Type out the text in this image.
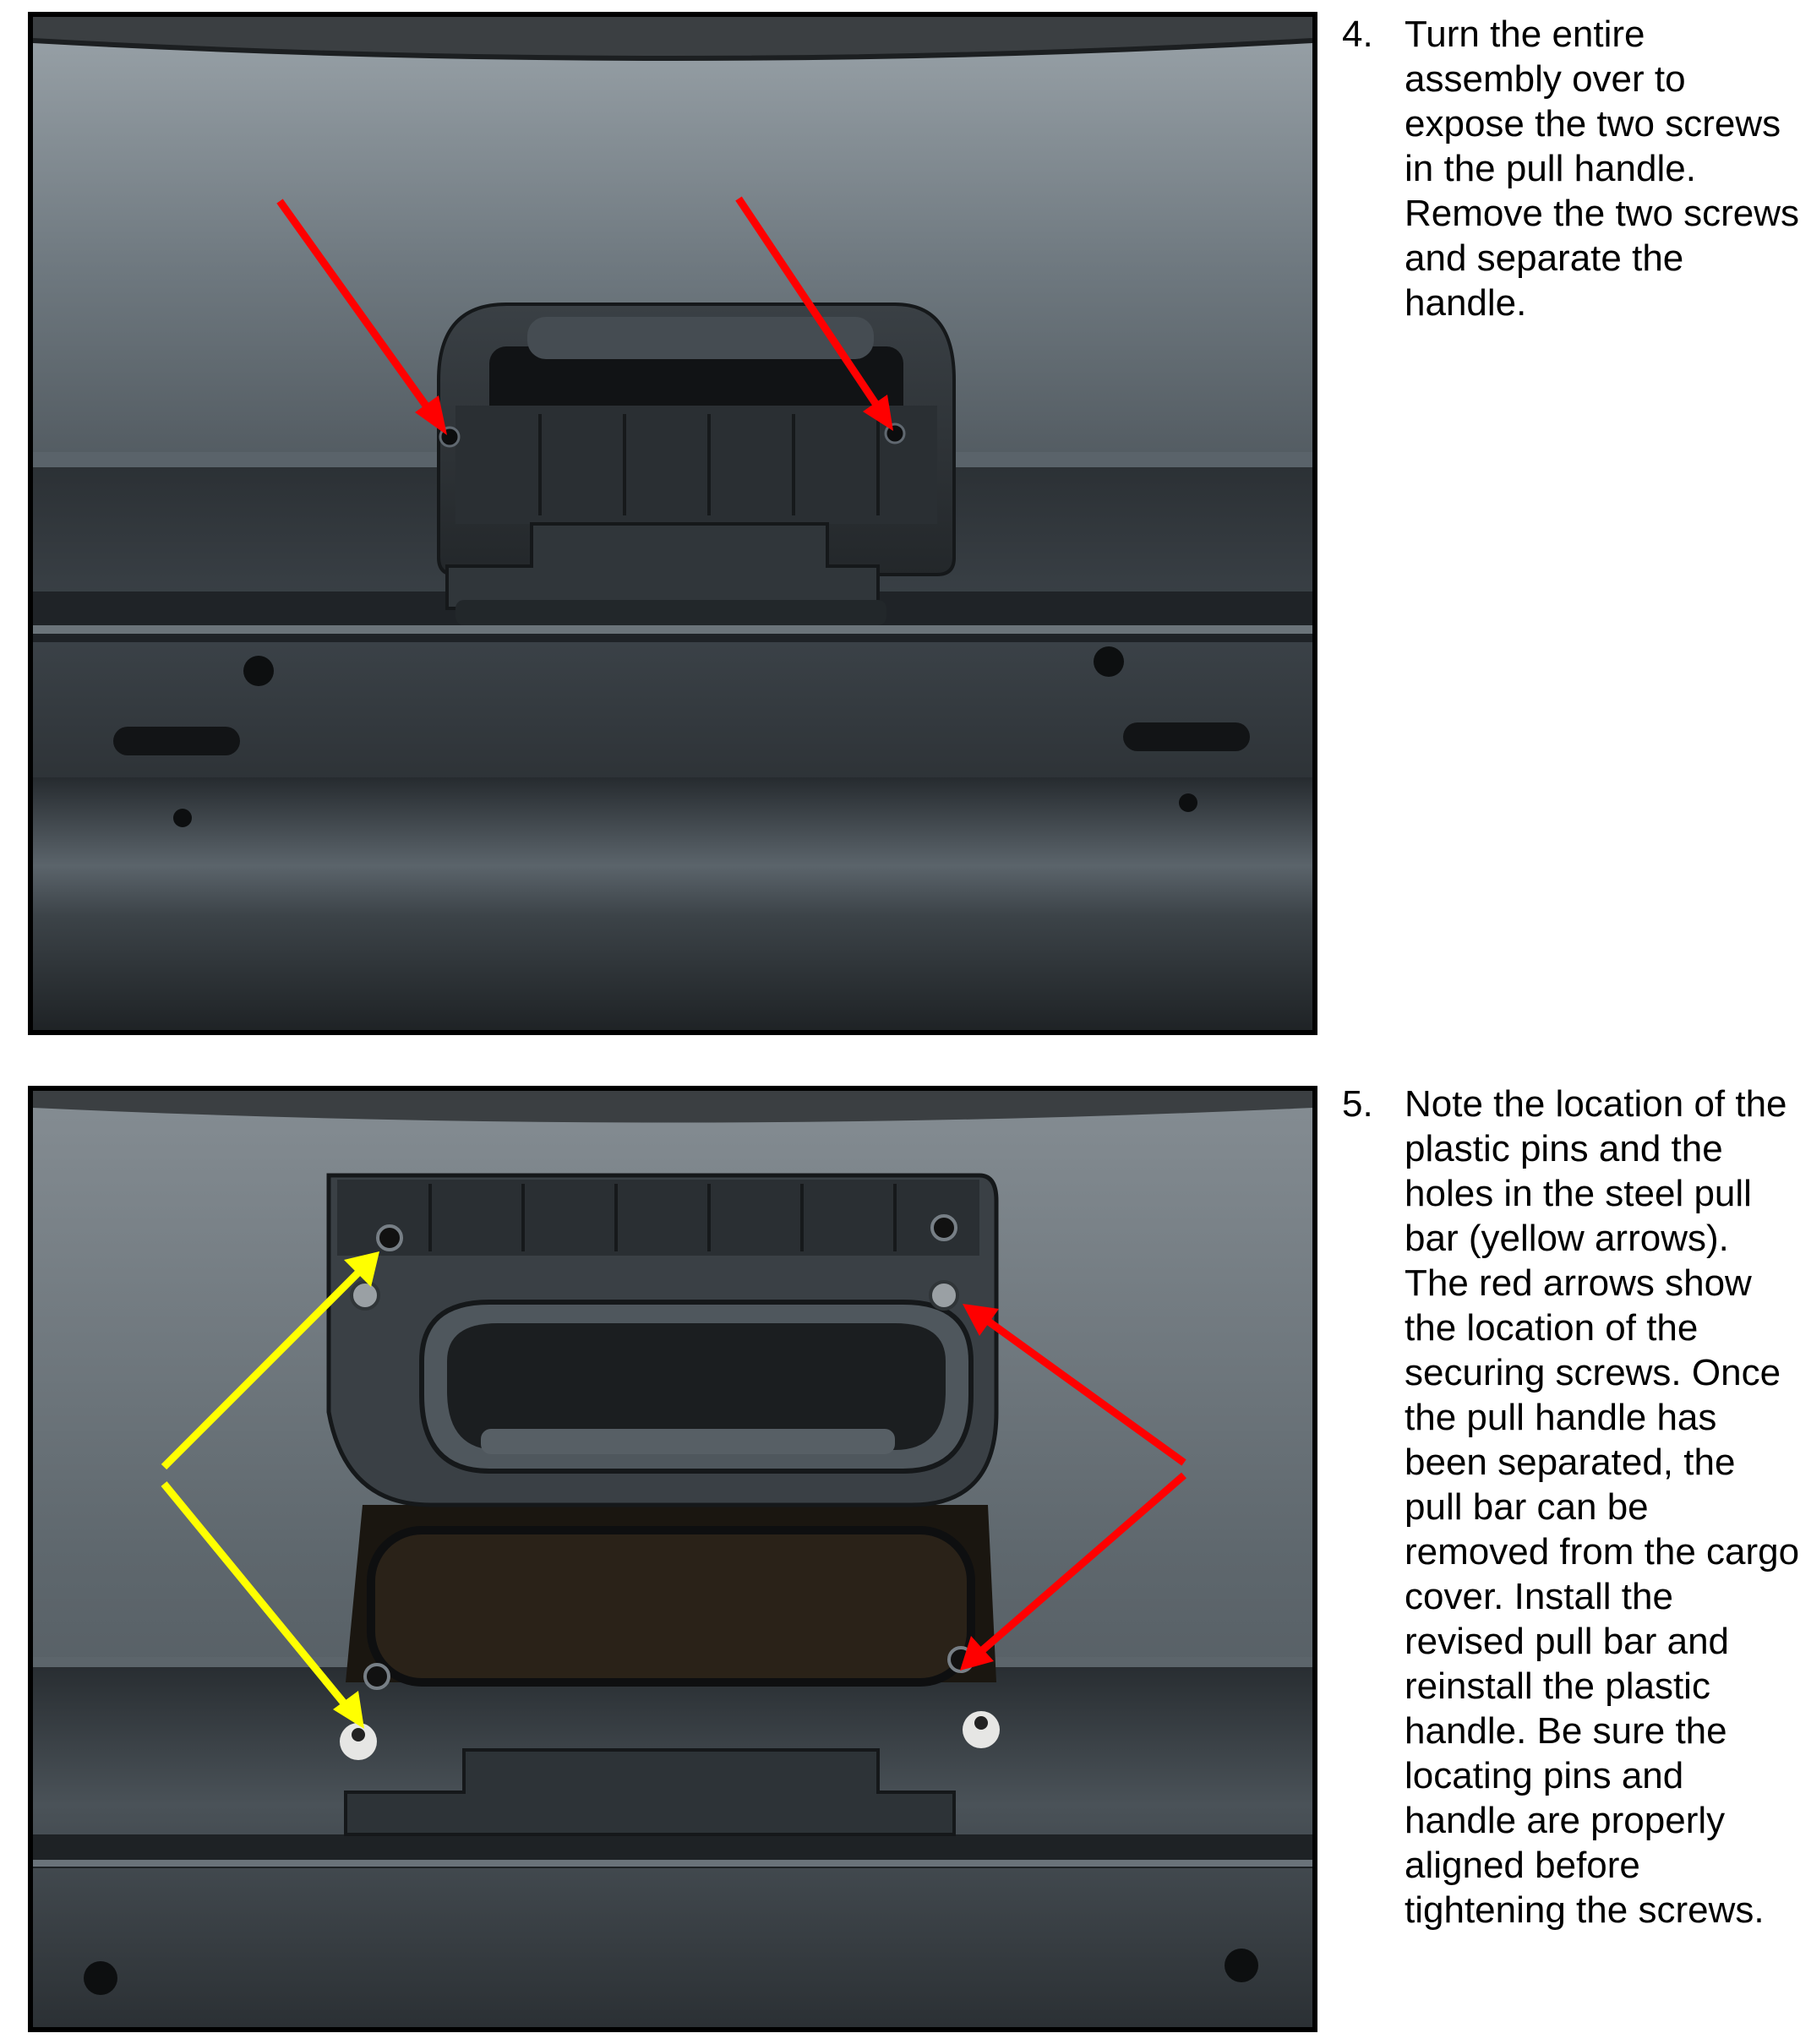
4. Turn the entire assembly over to expose the two screws in the pull handle. Remove the two screws and separate the handle.
5. Note the location of the plastic pins and the holes in the steel pull bar (yellow arrows). The red arrows show the location of the securing screws. Once the pull handle has been separated, the pull bar can be removed from the cargo cover. Install the revised pull bar and reinstall the plastic handle. Be sure the locating pins and handle are properly aligned before tightening the screws.
